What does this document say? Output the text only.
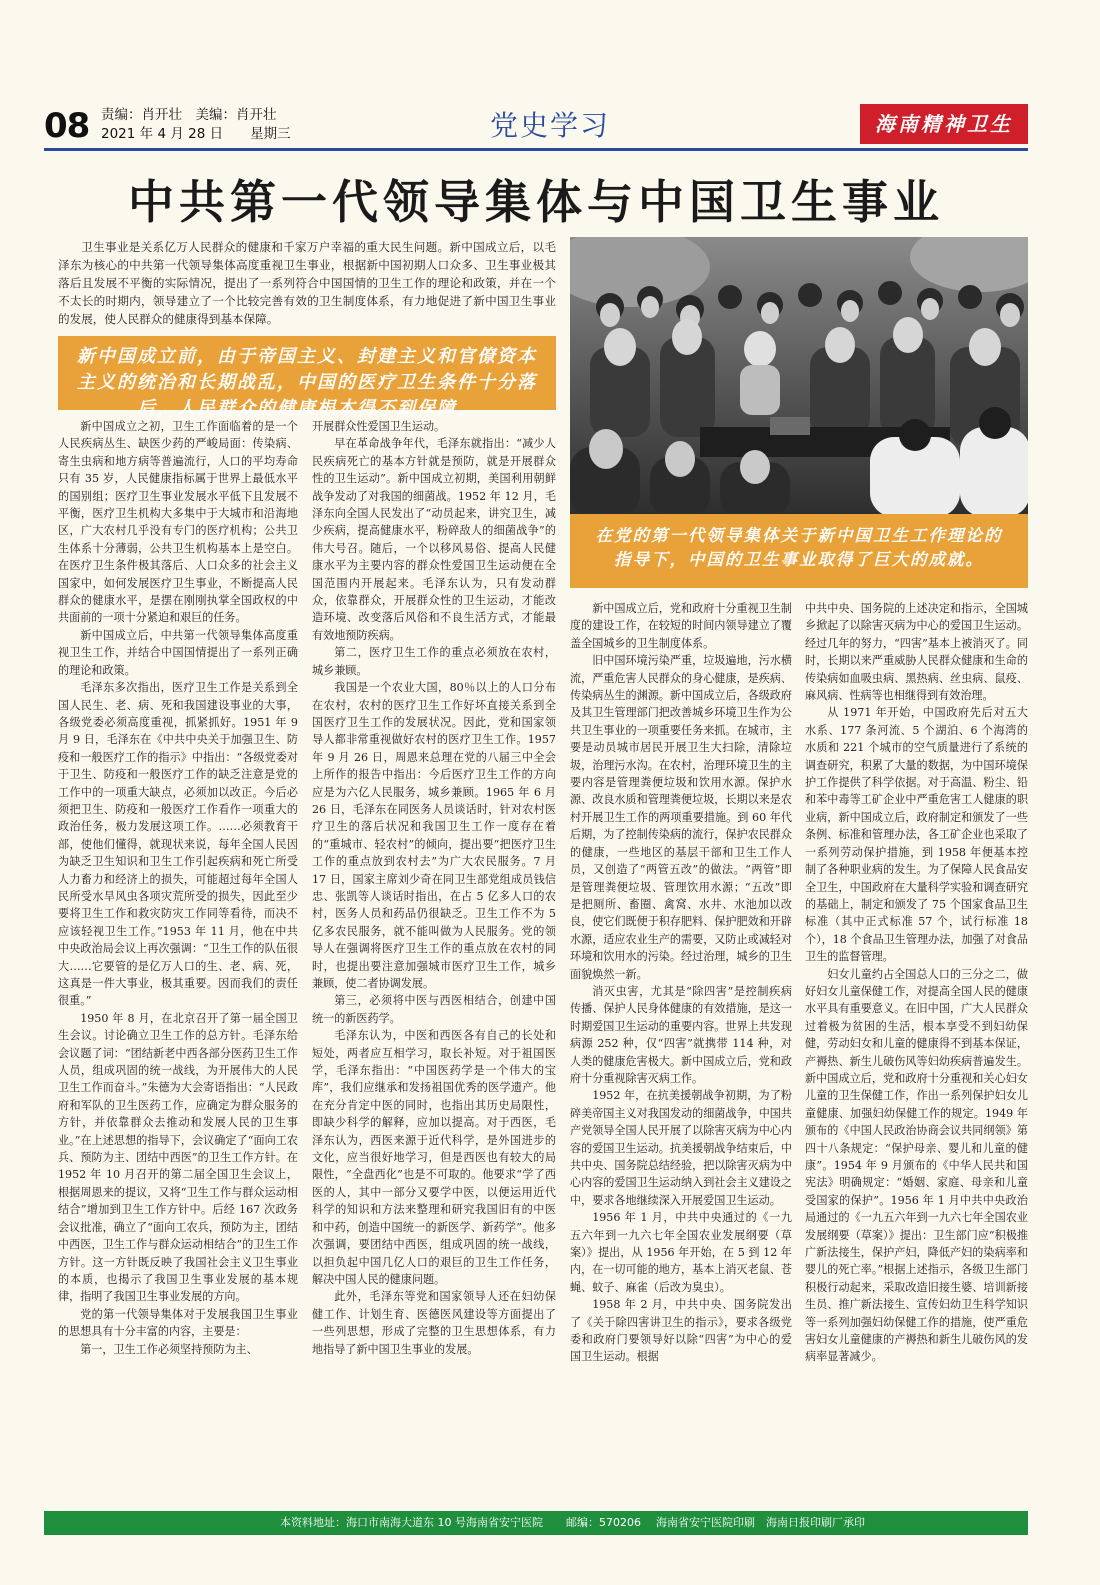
08 责编：肖开壮　美编：肖开壮
2021 年 4 月 28 日　　星期三	党史学习	海南精神卫生
中共第一代领导集体与中国卫生事业
卫生事业是关系亿万人民群众的健康和千家万户幸福的重大民生问题。新中国成立后，以毛泽东为核心的中共第一代领导集体高度重视卫生事业，根据新中国初期人口众多、卫生事业极其落后且发展不平衡的实际情况，提出了一系列符合中国国情的卫生工作的理论和政策，并在一个不太长的时期内，领导建立了一个比较完善有效的卫生制度体系，有力地促进了新中国卫生事业的发展，使人民群众的健康得到基本保障。
新中国成立前，由于帝国主义、封建主义和官僚资本主义的统治和长期战乱，中国的医疗卫生条件十分落后，人民群众的健康根本得不到保障。
在党的第一代领导集体关于新中国卫生工作理论的指导下，中国的卫生事业取得了巨大的成就。

新中国成立之初，卫生工作面临着的是一个人民疾病丛生、缺医少药的严峻局面：传染病、寄生虫病和地方病等普遍流行，人口的平均寿命只有 35 岁，人民健康指标属于世界上最低水平的国别组；医疗卫生事业发展水平低下且发展不平衡，医疗卫生机构大多集中于大城市和沿海地区，广大农村几乎没有专门的医疗机构；公共卫生体系十分薄弱，公共卫生机构基本上是空白。在医疗卫生条件极其落后、人口众多的社会主义国家中，如何发展医疗卫生事业，不断提高人民群众的健康水平，是摆在刚刚执掌全国政权的中共面前的一项十分紧迫和艰巨的任务。

新中国成立后，中共第一代领导集体高度重视卫生工作，并结合中国国情提出了一系列正确的理论和政策。

毛泽东多次指出，医疗卫生工作是关系到全国人民生、老、病、死和我国建设事业的大事，各级党委必须高度重视，抓紧抓好。1951 年 9 月 9 日，毛泽东在《中共中央关于加强卫生、防疫和一般医疗工作的指示》中指出：“各级党委对于卫生、防疫和一般医疗工作的缺乏注意是党的工作中的一项重大缺点，必须加以改正。今后必须把卫生、防疫和一般医疗工作看作一项重大的政治任务，极力发展这项工作。……必须教育干部，使他们懂得，就现状来说，每年全国人民因为缺乏卫生知识和卫生工作引起疾病和死亡所受人力畜力和经济上的损失，可能超过每年全国人民所受水旱风虫各项灾荒所受的损失，因此至少要将卫生工作和救灾防灾工作同等看待，而决不应该轻视卫生工作。”1953 年 11 月，他在中共中央政治局会议上再次强调：“卫生工作的队伍很大……它要管的是亿万人口的生、老、病、死，这真是一件大事业，极其重要。因而我们的责任很重。”

1950 年 8 月，在北京召开了第一届全国卫生会议。讨论确立卫生工作的总方针。毛泽东给会议题了词：“团结新老中西各部分医药卫生工作人员，组成巩固的统一战线，为开展伟大的人民卫生工作而奋斗。”朱德为大会寄语指出：“人民政府和军队的卫生医药工作，应确定为群众服务的方针，并依靠群众去推动和发展人民的卫生事业。”在上述思想的指导下，会议确定了“面向工农兵、预防为主、团结中西医”的卫生工作方针。在 1952 年 10 月召开的第二届全国卫生会议上，根据周恩来的提议，又将“卫生工作与群众运动相结合”增加到卫生工作方针中。后经 167 次政务会议批准，确立了“面向工农兵，预防为主，团结中西医，卫生工作与群众运动相结合”的卫生工作方针。这一方针既反映了我国社会主义卫生事业的本质，也揭示了我国卫生事业发展的基本规律，指明了我国卫生事业发展的方向。

党的第一代领导集体对于发展我国卫生事业的思想具有十分丰富的内容，主要是：

第一，卫生工作必须坚持预防为主、

开展群众性爱国卫生运动。

早在革命战争年代，毛泽东就指出：“减少人民疾病死亡的基本方针就是预防，就是开展群众性的卫生运动”。新中国成立初期，美国利用朝鲜战争发动了对我国的细菌战。1952 年 12 月，毛泽东向全国人民发出了“动员起来，讲究卫生，减少疾病，提高健康水平，粉碎敌人的细菌战争”的伟大号召。随后，一个以移风易俗、提高人民健康水平为主要内容的群众性爱国卫生运动便在全国范围内开展起来。毛泽东认为，只有发动群众，依靠群众，开展群众性的卫生运动，才能改造环境、改变落后风俗和不良生活方式，才能最有效地预防疾病。

第二，医疗卫生工作的重点必须放在农村，城乡兼顾。

我国是一个农业大国，80％以上的人口分布在农村，农村的医疗卫生工作好坏直接关系到全国医疗卫生工作的发展状况。因此，党和国家领导人都非常重视做好农村的医疗卫生工作。1957 年 9 月 26 日，周恩来总理在党的八届三中全会上所作的报告中指出：今后医疗卫生工作的方向应是为六亿人民服务，城乡兼顾。1965 年 6 月 26 日，毛泽东在同医务人员谈话时，针对农村医疗卫生的落后状况和我国卫生工作一度存在着的“重城市、轻农村”的倾向，提出要“把医疗卫生工作的重点放到农村去”为广大农民服务。7 月 17 日，国家主席刘少奇在同卫生部党组成员钱信忠、张凯等人谈话时指出，在占 5 亿多人口的农村，医务人员和药品仍很缺乏。卫生工作不为 5 亿多农民服务，就不能叫做为人民服务。党的领导人在强调将医疗卫生工作的重点放在农村的同时，也提出要注意加强城市医疗卫生工作，城乡兼顾，使二者协调发展。

第三，必须将中医与西医相结合，创建中国统一的新医药学。

毛泽东认为，中医和西医各有自己的长处和短处，两者应互相学习，取长补短。对于祖国医学，毛泽东指出：“中国医药学是一个伟大的宝库”，我们应继承和发扬祖国优秀的医学遗产。他在充分肯定中医的同时，也指出其历史局限性，即缺少科学的解释，应加以提高。对于西医，毛泽东认为，西医来源于近代科学，是外国进步的文化，应当很好地学习，但是西医也有较大的局限性，“全盘西化”也是不可取的。他要求“学了西医的人，其中一部分又要学中医，以便运用近代科学的知识和方法来整理和研究我国旧有的中医和中药，创造中国统一的新医学、新药学”。他多次强调，要团结中西医，组成巩固的统一战线，以担负起中国几亿人口的艰巨的卫生工作任务，解决中国人民的健康问题。

此外，毛泽东等党和国家领导人还在妇幼保健工作、计划生育、医德医风建设等方面提出了一些列思想，形成了完整的卫生思想体系，有力地指导了新中国卫生事业的发展。

新中国成立后，党和政府十分重视卫生制度的建设工作，在较短的时间内领导建立了覆盖全国城乡的卫生制度体系。

旧中国环境污染严重，垃圾遍地，污水横流，严重危害人民群众的身心健康，是疾病、传染病丛生的渊源。新中国成立后，各级政府及其卫生管理部门把改善城乡环境卫生作为公共卫生事业的一项重要任务来抓。在城市，主要是动员城市居民开展卫生大扫除，清除垃圾，治理污水沟。在农村，治理环境卫生的主要内容是管理粪便垃圾和饮用水源。保护水源、改良水质和管理粪便垃圾，长期以来是农村开展卫生工作的两项重要措施。到 60 年代后期，为了控制传染病的流行，保护农民群众的健康，一些地区的基层干部和卫生工作人员，又创造了“两管五改”的做法。“两管”即是管理粪便垃圾、管理饮用水源；“五改”即是把厕所、畜圈、禽窝、水井、水池加以改良，使它们既便于积存肥料、保护肥效和开辟水源，适应农业生产的需要，又防止或减轻对环境和饮用水的污染。经过治理，城乡的卫生面貌焕然一新。

消灭虫害，尤其是“除四害”是控制疾病传播、保护人民身体健康的有效措施，是这一时期爱国卫生运动的重要内容。世界上共发现病源 252 种，仅“四害”就携带 114 种，对人类的健康危害极大。新中国成立后，党和政府十分重视除害灭病工作。

1952 年，在抗美援朝战争初期，为了粉碎美帝国主义对我国发动的细菌战争，中国共产党领导全国人民开展了以除害灭病为中心内容的爱国卫生运动。抗美援朝战争结束后，中共中央、国务院总结经验，把以除害灭病为中心内容的爱国卫生运动纳入到社会主义建设之中，要求各地继续深入开展爱国卫生运动。

1956 年 1 月，中共中央通过的《一九五六年到一九六七年全国农业发展纲要（草案）》提出，从 1956 年开始，在 5 到 12 年内，在一切可能的地方，基本上消灭老鼠、苍蝇、蚊子、麻雀（后改为臭虫）。

1958 年 2 月，中共中央、国务院发出了《关于除四害讲卫生的指示》，要求各级党委和政府门要领导好以除“四害”为中心的爱国卫生运动。根据

中共中央、国务院的上述决定和指示，全国城乡掀起了以除害灭病为中心的爱国卫生运动。经过几年的努力，“四害”基本上被消灭了。同时，长期以来严重威胁人民群众健康和生命的传染病如血吸虫病、黑热病、丝虫病、鼠疫、麻风病、性病等也相继得到有效治理。

从 1971 年开始，中国政府先后对五大水系、177 条河流、5 个湖泊、6 个海湾的水质和 221 个城市的空气质量进行了系统的调查研究，积累了大量的数据，为中国环境保护工作提供了科学依据。对于高温、粉尘、铅和苯中毒等工矿企业中严重危害工人健康的职业病，新中国成立后，政府制定和颁发了一些条例、标准和管理办法，各工矿企业也采取了一系列劳动保护措施，到 1958 年便基本控制了各种职业病的发生。为了保障人民食品安全卫生，中国政府在大量科学实验和调查研究的基础上，制定和颁发了 75 个国家食品卫生标准（其中正式标准 57 个，试行标准 18 个），18 个食品卫生管理办法，加强了对食品卫生的监督管理。

妇女儿童约占全国总人口的三分之二，做好妇女儿童保健工作，对提高全国人民的健康水平具有重要意义。在旧中国，广大人民群众过着极为贫困的生活，根本享受不到妇幼保健，劳动妇女和儿童的健康得不到基本保证，产褥热、新生儿破伤风等妇幼疾病普遍发生。新中国成立后，党和政府十分重视和关心妇女儿童的卫生保健工作，作出一系列保护妇女儿童健康、加强妇幼保健工作的规定。1949 年颁布的《中国人民政治协商会议共同纲领》第四十八条规定：“保护母亲、婴儿和儿童的健康”。1954 年 9 月颁布的《中华人民共和国宪法》明确规定：“婚姻、家庭、母亲和儿童受国家的保护”。1956 年 1 月中共中央政治局通过的《一九五六年到一九六七年全国农业发展纲要（草案）》提出：卫生部门应“积极推广新法接生，保护产妇，降低产妇的染病率和婴儿的死亡率。”根据上述指示，各级卫生部门积极行动起来，采取改造旧接生婆、培训新接生员、推广新法接生、宣传妇幼卫生科学知识等一系列加强妇幼保健工作的措施，使严重危害妇女儿童健康的产褥热和新生儿破伤风的发病率显著减少。

本资料地址：海口市南海大道东 10 号海南省安宁医院 邮编：570206 海南省安宁医院印刷 海南日报印刷厂承印
